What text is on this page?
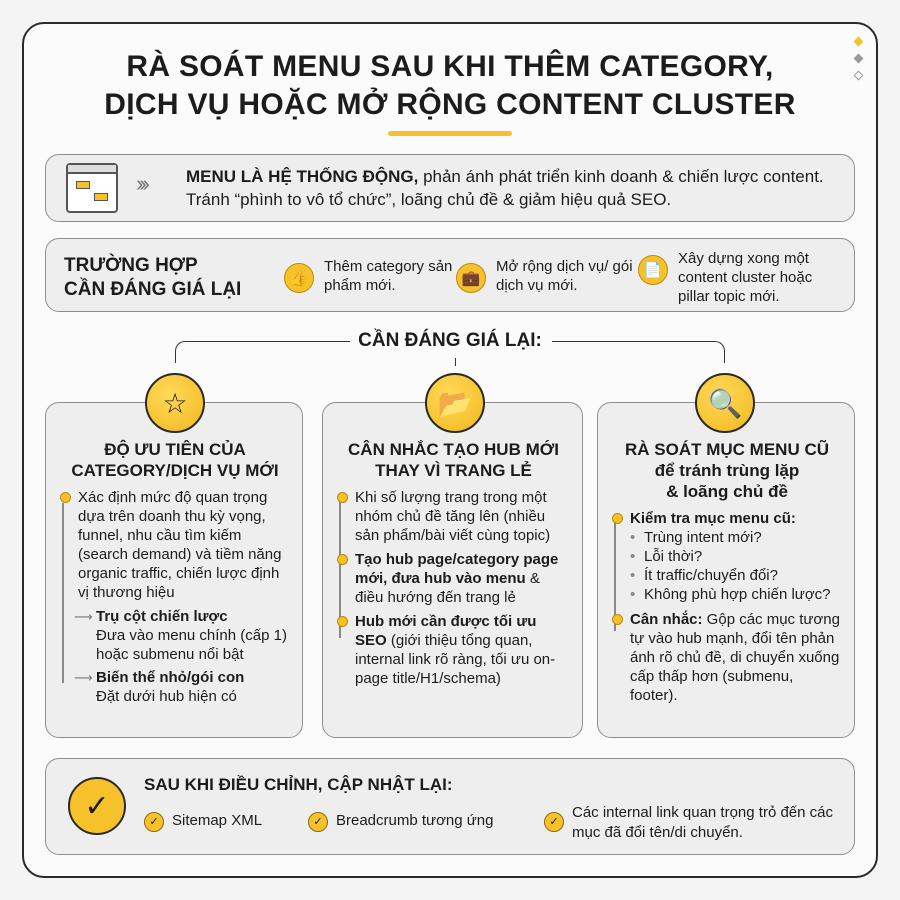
RÀ SOÁT MENU SAU KHI THÊM CATEGORY,
DỊCH VỤ HOẶC MỞ RỘNG CONTENT CLUSTER
››› MENU LÀ HỆ THỐNG ĐỘNG, phản ánh phát triển kinh doanh & chiến lược content. Tránh “phình to vô tổ chức”, loãng chủ đề & giảm hiệu quả SEO.
TRƯỜNG HỢP
CẦN ĐÁNG GIÁ LẠI
👍
Thêm category sản phẩm mới.	💼
Mở rộng dịch vụ/ gói dịch vụ mới.
📄
Xây dựng xong một content cluster hoặc pillar topic mới.
CẦN ĐÁNG GIÁ LẠI:
ĐỘ ƯU TIÊN CỦA CATEGORY/DỊCH VỤ MỚI
Xác định mức độ quan trọng dựa trên doanh thu kỳ vọng, funnel, nhu cầu tìm kiếm (search demand) và tiềm năng organic traffic, chiến lược định vị thương hiệu
⟶ Trụ cột chiến lược
Đưa vào menu chính (cấp 1) hoặc submenu nổi bật
⟶ Biến thể nhỏ/gói con
Đặt dưới hub hiện có
☆
CÂN NHẮC TẠO HUB MỚI THAY VÌ TRANG LẺ
Khi số lượng trang trong một nhóm chủ đề tăng lên (nhiều sản phẩm/bài viết cùng topic)
Tạo hub page/category page mới, đưa hub vào menu & điều hướng đến trang lẻ
Hub mới cần được tối ưu SEO (giới thiệu tổng quan, internal link rõ ràng, tối ưu on-page title/H1/schema)
📂
RÀ SOÁT MỤC MENU CŨ
để tránh trùng lặp
& loãng chủ đề
Kiểm tra mục menu cũ:
• Trùng intent mới?
• Lỗi thời?
• Ít traffic/chuyển đổi?
• Không phù hợp chiến lược?
Cân nhắc: Gộp các mục tương tự vào hub mạnh, đổi tên phản ánh rõ chủ đề, di chuyển xuống cấp thấp hơn (submenu, footer).
🔍
✓
SAU KHI ĐIỀU CHỈNH, CẬP NHẬT LẠI:
✓ Sitemap XML	✓ Breadcrumb tương ứng	✓
Các internal link quan trọng trỏ đến các mục đã đổi tên/di chuyển.
